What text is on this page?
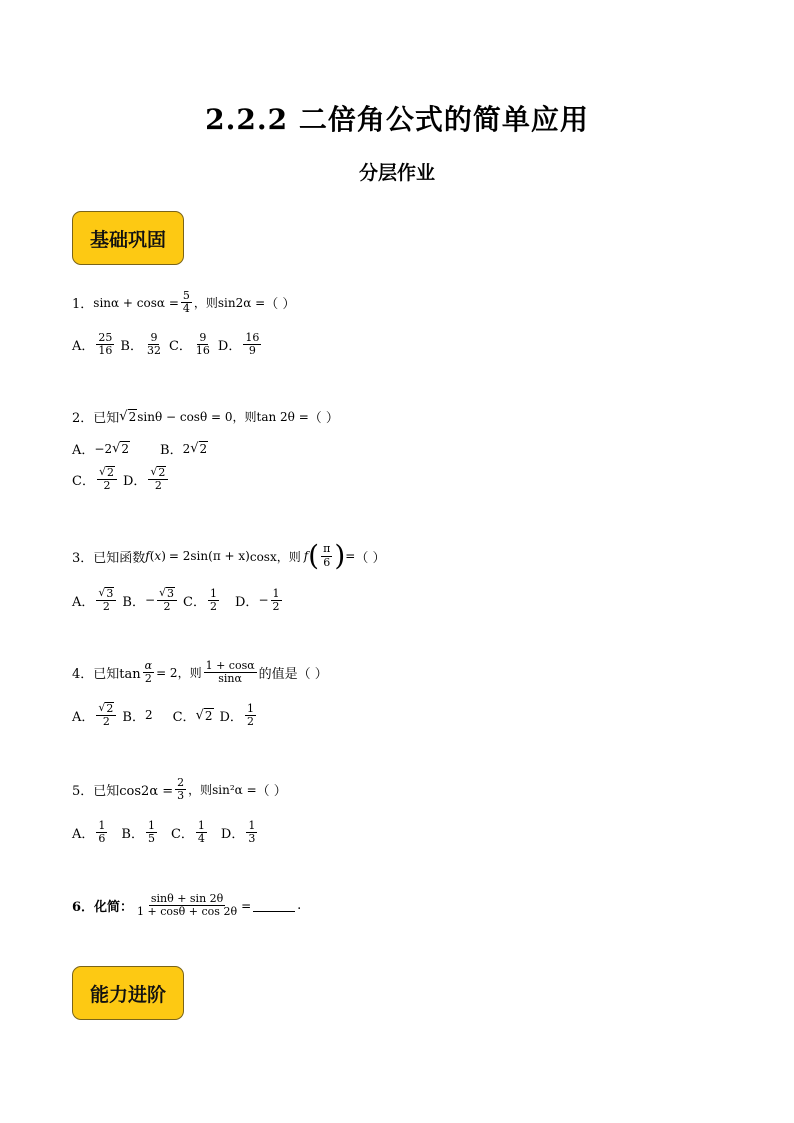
2.2.2 二倍角公式的简单应用
分层作业
基础巩固
1． $\sin\alpha + \cos\alpha = \frac{5}{4}$ ，则sin2α = （ ）
A． $\frac{25}{16}$ B． $\frac{9}{32}$ C． $\frac{9}{16}$ D． $\frac{16}{9}$
2．已知 √ 2 sinθ − cosθ = 0，则tan 2θ = （ ）
A． −2 √ 2 B． 2 √ 2
C． $\frac{√ 2}{2}$ D． $\frac{√ 2}{2}$
3．已知函数 f ( x ) = 2sin ( π + x ) cosx，则 f ( $\frac{\pi}{6}$ ) = （ ）
A． $\frac{√ 3}{2}$ B． − $\frac{√ 3}{2}$ C． $\frac{1}{2}$ D． − $\frac{1}{2}$
4．已知$\tan \frac{\alpha}{2} = 2$，则 $\frac{1 + \cos\alpha}{\sin\alpha}$ 的值是（ ）
A． $\frac{√ 2}{2}$ B． 2 C． √ 2 D． $\frac{1}{2}$
5．已知$\cos 2\alpha = \frac{2}{3}$ ，则sin²α = （ ）
A． $\frac{1}{6}$ B． $\frac{1}{5}$ C． $\frac{1}{4}$ D． $\frac{1}{3}$
6．化简： $\frac{\sin\theta + \sin 2\theta}{1 + \cos\theta + \cos 2\theta}$ =	.
能力进阶
